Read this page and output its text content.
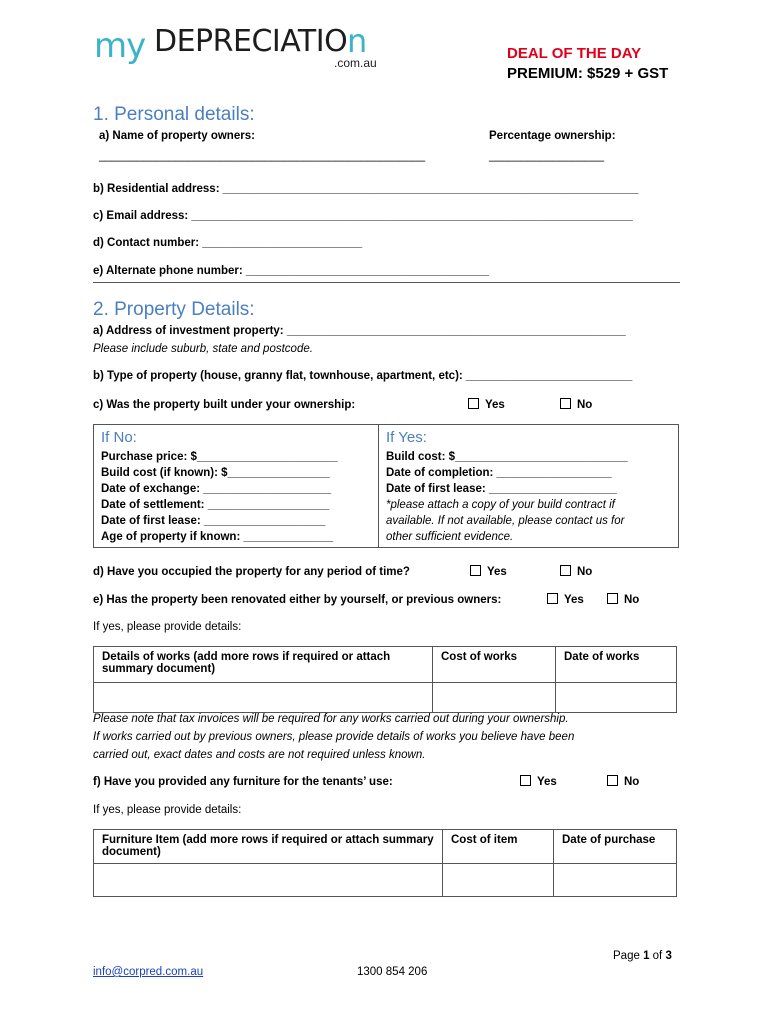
my DEPRECIATIO n
.com.au
DEAL OF THE DAY
PREMIUM: $529 + GST
1. Personal details:
a) Name of property owners:	Percentage ownership:
___________________________________________________	__________________
b) Residential address: _________________________________________________________________
c) Email address: _____________________________________________________________________
d) Contact number: _________________________
e) Alternate phone number: ______________________________________
2. Property Details:
a) Address of investment property: _____________________________________________________
Please include suburb, state and postcode.
b) Type of property (house, granny flat, townhouse, apartment, etc): __________________________
c) Was the property built under your ownership:	Yes	No
If No:
Purchase price: $______________________
Build cost (if known): $________________
Date of exchange: ____________________
Date of settlement: ___________________
Date of first lease: ___________________
Age of property if known: ______________
If Yes:
Build cost: $___________________________
Date of completion: __________________
Date of first lease: ____________________
*please attach a copy of your build contract if
available. If not available, please contact us for
other sufficient evidence.
d) Have you occupied the property for any period of time?	Yes	No
e) Has the property been renovated either by yourself, or previous owners:	Yes	No
If yes, please provide details:
Details of works (add more rows if required or attach summary document)	Cost of works	Date of works

Please note that tax invoices will be required for any works carried out during your ownership.
If works carried out by previous owners, please provide details of works you believe have been
carried out, exact dates and costs are not required unless known.
f) Have you provided any furniture for the tenants’ use:	Yes	No
If yes, please provide details:
Furniture Item (add more rows if required or attach summary document)	Cost of item	Date of purchase

Page 1 of 3
info@corpred.com.au	1300 854 206
